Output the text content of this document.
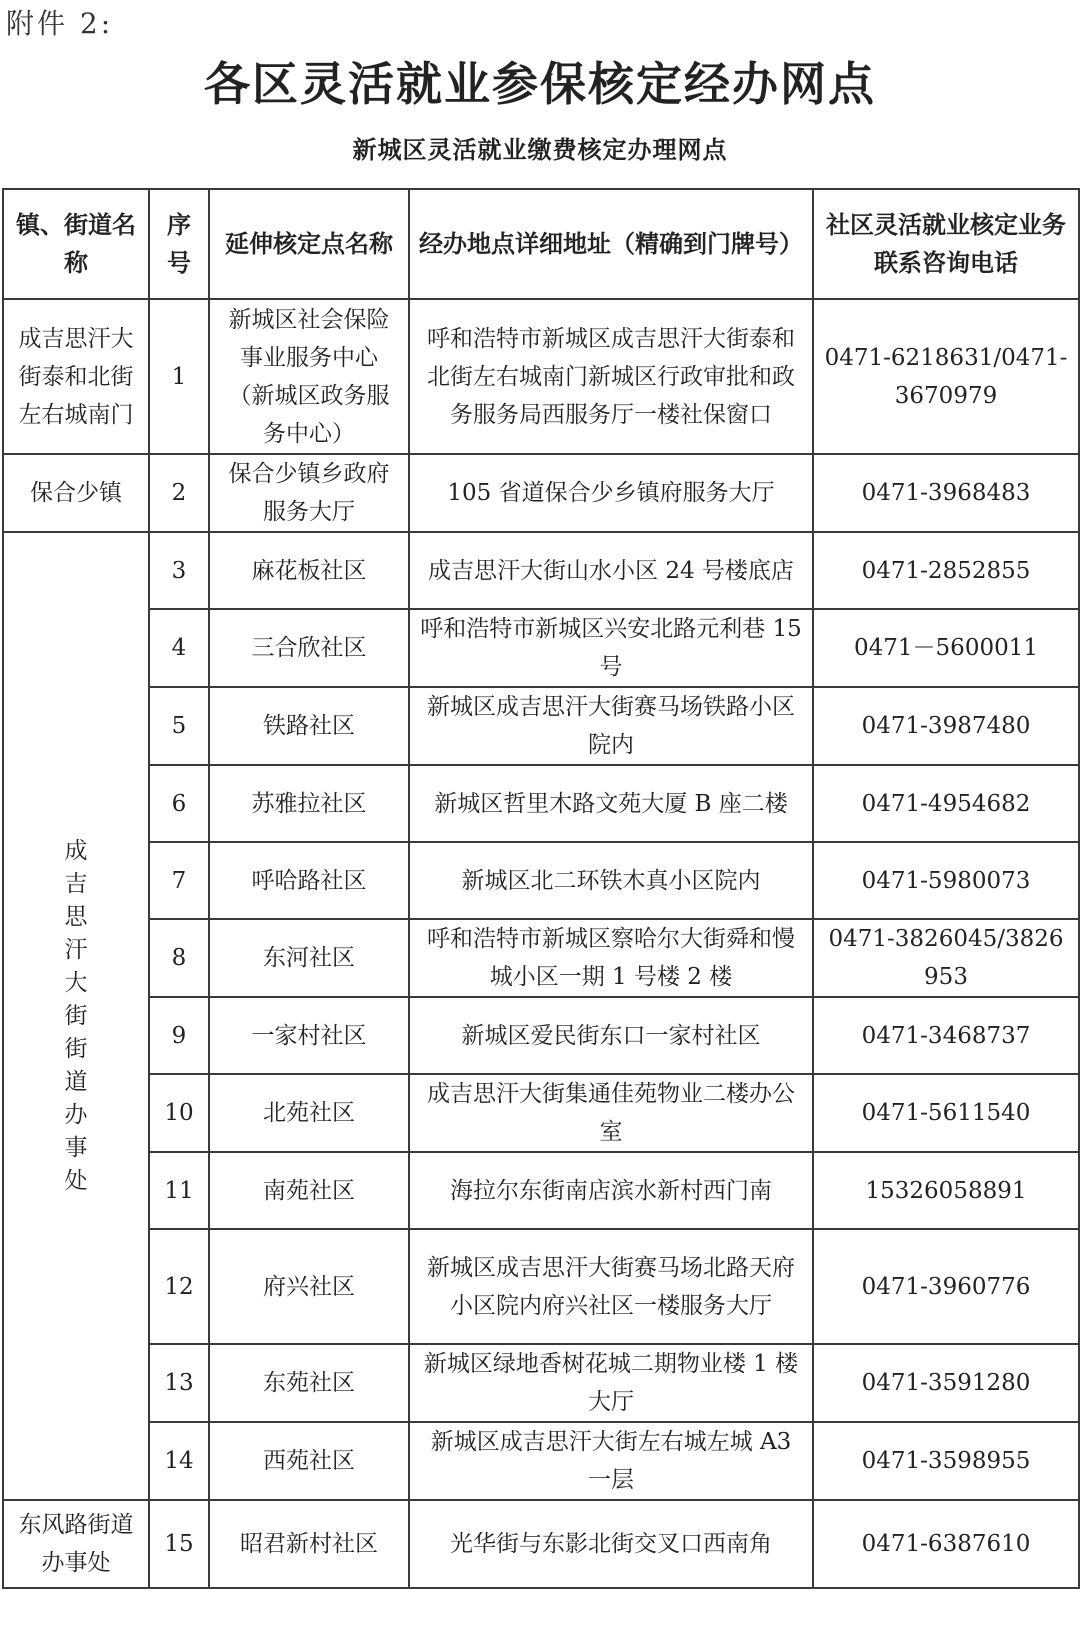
附件 2:
各区灵活就业参保核定经办网点
新城区灵活就业缴费核定办理网点
镇、街道名称	序号	延伸核定点名称	经办地点详细地址（精确到门牌号）	社区灵活就业核定业务联系咨询电话
成吉思汗大街泰和北街左右城南门	1	新城区社会保险事业服务中心（新城区政务服务中心）	呼和浩特市新城区成吉思汗大街泰和北街左右城南门新城区行政审批和政务服务局西服务厅一楼社保窗口	0471-6218631/0471-3670979
保合少镇	2	保合少镇乡政府服务大厅	105 省道保合少乡镇府服务大厅	0471-3968483

成吉思汗大街街道办事处	3	麻花板社区	成吉思汗大街山水小区 24 号楼底店	0471-2852855
	4	三合欣社区	呼和浩特市新城区兴安北路元利巷 15 号	0471－5600011
	5	铁路社区	新城区成吉思汗大街赛马场铁路小区院内	0471-3987480
	6	苏雅拉社区	新城区哲里木路文苑大厦 B 座二楼	0471-4954682
	7	呼哈路社区	新城区北二环铁木真小区院内	0471-5980073
	8	东河社区	呼和浩特市新城区察哈尔大街舜和慢城小区一期 1 号楼 2 楼	0471-3826045/3826953
	9	一家村社区	新城区爱民街东口一家村社区	0471-3468737
	10	北苑社区	成吉思汗大街集通佳苑物业二楼办公室	0471-5611540
	11	南苑社区	海拉尔东街南店滨水新村西门南	15326058891
	12	府兴社区	新城区成吉思汗大街赛马场北路天府小区院内府兴社区一楼服务大厅	0471-3960776
	13	东苑社区	新城区绿地香树花城二期物业楼 1 楼大厅	0471-3591280
	14	西苑社区	新城区成吉思汗大街左右城左城 A3 一层	0471-3598955
东风路街道办事处	15	昭君新村社区	光华街与东影北街交叉口西南角	0471-6387610
